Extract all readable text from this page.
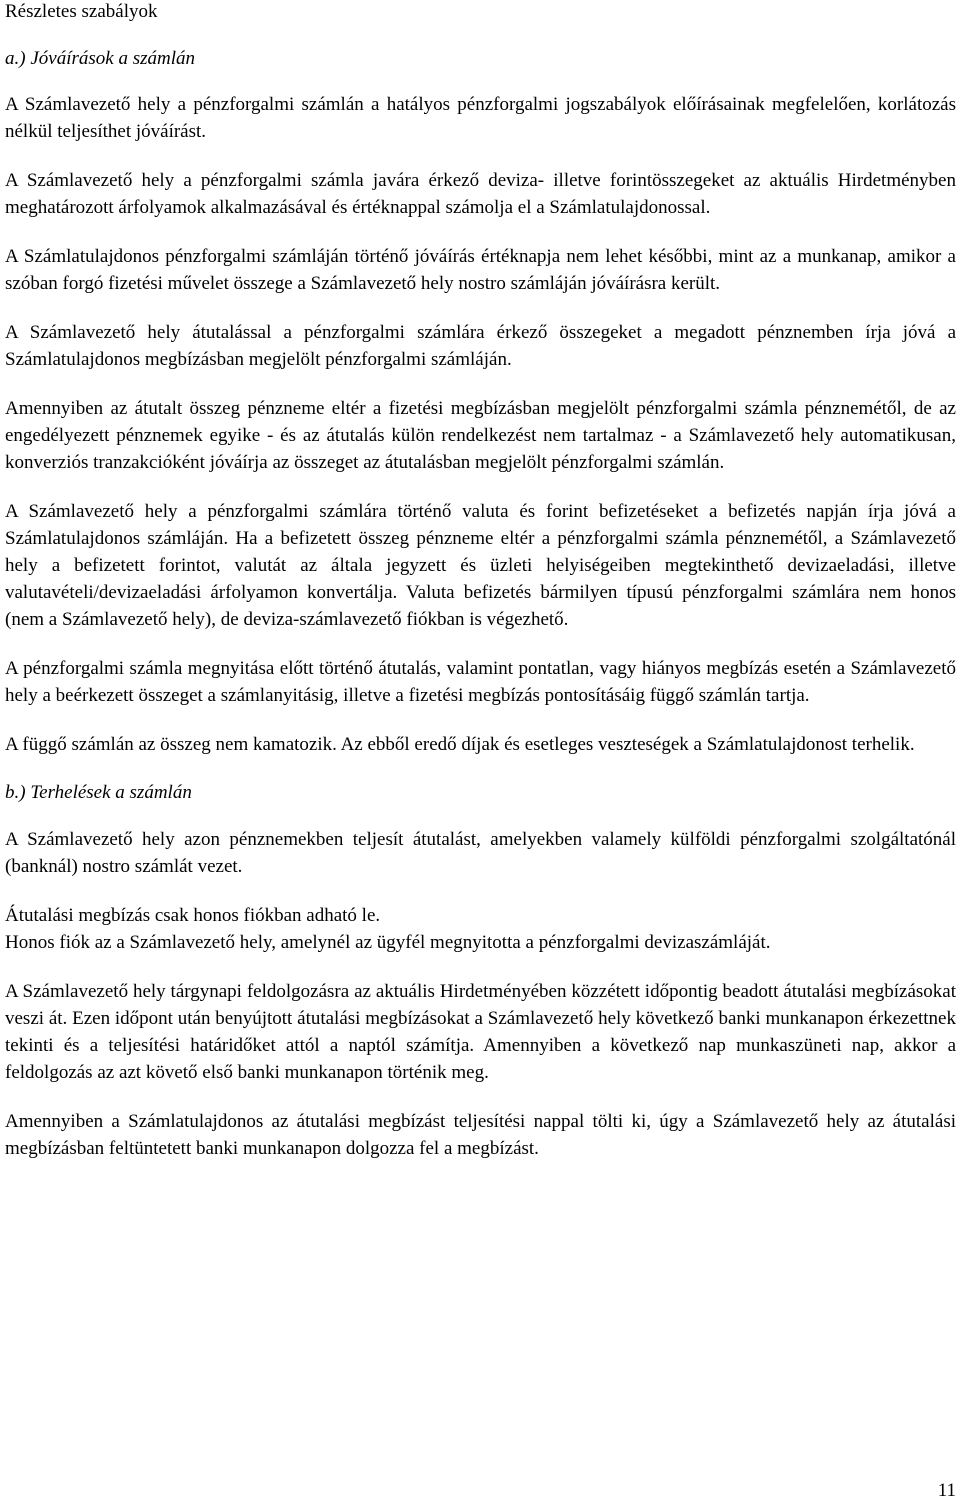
Részletes szabályok
a.) Jóváírások a számlán

A Számlavezető hely a pénzforgalmi számlán a hatályos pénzforgalmi jogszabályok előírásainak megfelelően, korlátozás nélkül teljesíthet jóváírást.

A Számlavezető hely a pénzforgalmi számla javára érkező deviza- illetve forintösszegeket az aktuális Hirdetményben meghatározott árfolyamok alkalmazásával és értéknappal számolja el a Számlatulajdonossal.

A Számlatulajdonos pénzforgalmi számláján történő jóváírás értéknapja nem lehet későbbi, mint az a munkanap, amikor a szóban forgó fizetési művelet összege a Számlavezető hely nostro számláján jóváírásra került.

A Számlavezető hely átutalással a pénzforgalmi számlára érkező összegeket a megadott pénznemben írja jóvá a Számlatulajdonos megbízásban megjelölt pénzforgalmi számláján.

Amennyiben az átutalt összeg pénzneme eltér a fizetési megbízásban megjelölt pénzforgalmi számla pénznemétől, de az engedélyezett pénznemek egyike - és az átutalás külön rendelkezést nem tartalmaz - a Számlavezető hely automatikusan, konverziós tranzakcióként jóváírja az összeget az átutalásban megjelölt pénzforgalmi számlán.

A Számlavezető hely a pénzforgalmi számlára történő valuta és forint befizetéseket a befizetés napján írja jóvá a Számlatulajdonos számláján. Ha a befizetett összeg pénzneme eltér a pénzforgalmi számla pénznemétől, a Számlavezető hely a befizetett forintot, valutát az általa jegyzett és üzleti helyiségeiben megtekinthető devizaeladási, illetve valutavételi/devizaeladási árfolyamon konvertálja. Valuta befizetés bármilyen típusú pénzforgalmi számlára nem honos (nem a Számlavezető hely), de deviza-számlavezető fiókban is végezhető.

A pénzforgalmi számla megnyitása előtt történő átutalás, valamint pontatlan, vagy hiányos megbízás esetén a Számlavezető hely a beérkezett összeget a számlanyitásig, illetve a fizetési megbízás pontosításáig függő számlán tartja.

A függő számlán az összeg nem kamatozik. Az ebből eredő díjak és esetleges veszteségek a Számlatulajdonost terhelik.

b.) Terhelések a számlán

A Számlavezető hely azon pénznemekben teljesít átutalást, amelyekben valamely külföldi pénzforgalmi szolgáltatónál (banknál) nostro számlát vezet.

Átutalási megbízás csak honos fiókban adható le.

Honos fiók az a Számlavezető hely, amelynél az ügyfél megnyitotta a pénzforgalmi devizaszámláját.

A Számlavezető hely tárgynapi feldolgozásra az aktuális Hirdetményében közzétett időpontig beadott átutalási megbízásokat veszi át. Ezen időpont után benyújtott átutalási megbízásokat a Számlavezető hely következő banki munkanapon érkezettnek tekinti és a teljesítési határidőket attól a naptól számítja. Amennyiben a következő nap munkaszüneti nap, akkor a feldolgozás az azt követő első banki munkanapon történik meg.

Amennyiben a Számlatulajdonos az átutalási megbízást teljesítési nappal tölti ki, úgy a Számlavezető hely az átutalási megbízásban feltüntetett banki munkanapon dolgozza fel a megbízást.

11
